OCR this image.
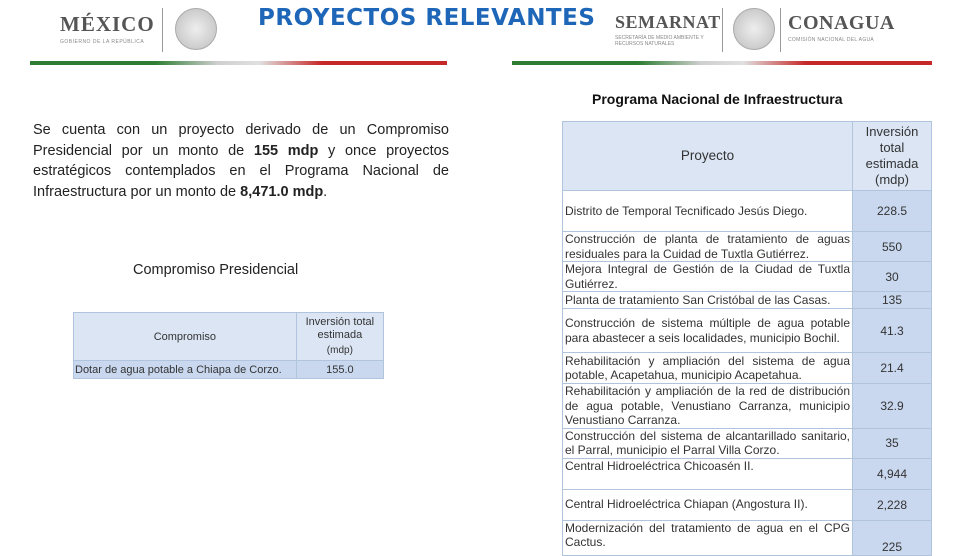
MÉXICO
GOBIERNO DE LA REPÚBLICA
PROYECTOS RELEVANTES SEMARNAT
SECRETARÍA DE MEDIO AMBIENTE Y RECURSOS NATURALES
CONAGUA
COMISIÓN NACIONAL DEL AGUA
Se cuenta con un proyecto derivado de un Compromiso Presidencial por un monto de 155 mdp y once proyectos estratégicos contemplados en el Programa Nacional de Infraestructura por un monto de 8,471.0 mdp.
Compromiso Presidencial
Compromiso	Inversión total estimada
(mdp)

Dotar de agua potable a Chiapa de Corzo.	155.0
Programa Nacional de Infraestructura
Proyecto	Inversión total estimada (mdp)
Distrito de Temporal Tecnificado Jesús Diego.	228.5
Construcción de planta de tratamiento de aguas residuales para la Cuidad de Tuxtla Gutiérrez.	550
Mejora Integral de Gestión de la Ciudad de Tuxtla Gutiérrez.	30
Planta de tratamiento San Cristóbal de las Casas.	135
Construcción de sistema múltiple de agua potable para abastecer a seis localidades, municipio Bochil.	41.3
Rehabilitación y ampliación del sistema de agua potable, Acapetahua, municipio Acapetahua.	21.4
Rehabilitación y ampliación de la red de distribución de agua potable, Venustiano Carranza, municipio Venustiano Carranza.	32.9
Construcción del sistema de alcantarillado sanitario, el Parral, municipio el Parral Villa Corzo.	35
Central Hidroeléctrica Chicoasén II.	4,944
Central Hidroeléctrica Chiapan (Angostura II).	2,228
Modernización del tratamiento de agua en el CPG Cactus.	225
